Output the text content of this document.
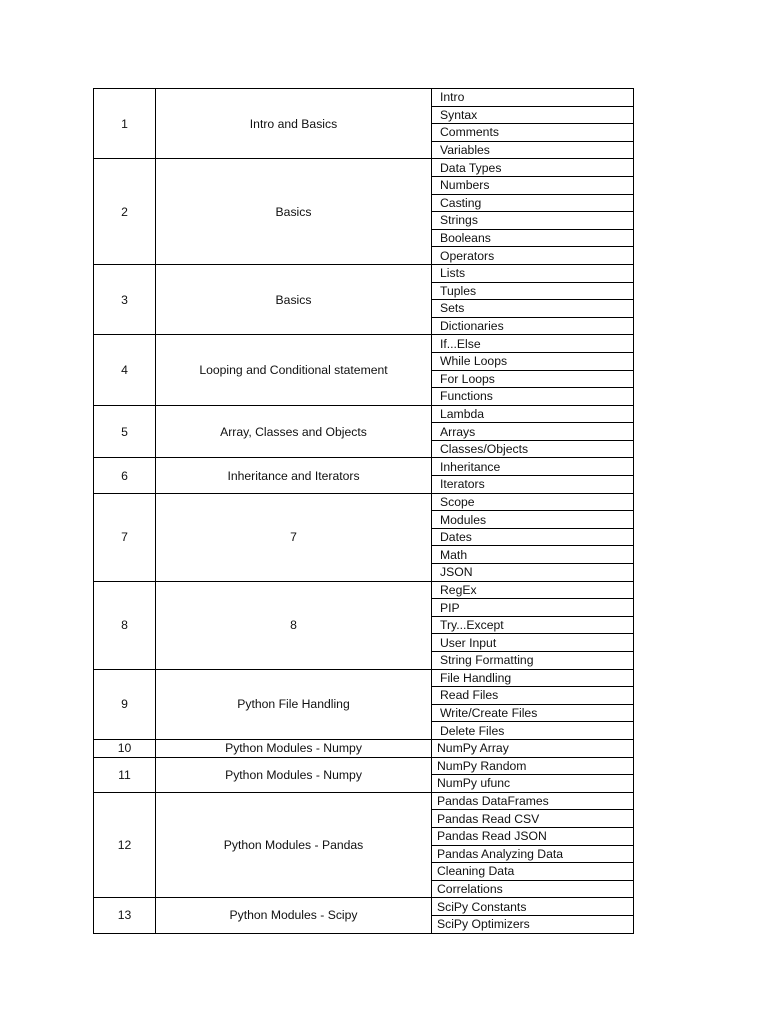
1	Intro and Basics	Intro
		Syntax
		Comments
		Variables
2	Basics	Data Types
		Numbers
		Casting
		Strings
		Booleans
		Operators
3	Basics	Lists
		Tuples
		Sets
		Dictionaries
4	Looping and Conditional statement	If...Else
		While Loops
		For Loops
		Functions
5	Array, Classes and Objects	Lambda
		Arrays
		Classes/Objects
6	Inheritance and Iterators	Inheritance
		Iterators
7	7	Scope
		Modules
		Dates
		Math
		JSON
8	8	RegEx
		PIP
		Try...Except
		User Input
		String Formatting
9	Python File Handling	File Handling
		Read Files
		Write/Create Files
		Delete Files
10	Python Modules - Numpy	NumPy Array
11	Python Modules - Numpy	NumPy Random
		NumPy ufunc
12	Python Modules - Pandas	Pandas DataFrames
		Pandas Read CSV
		Pandas Read JSON
		Pandas Analyzing Data
		Cleaning Data
		Correlations
13	Python Modules - Scipy	SciPy Constants
		SciPy Optimizers
